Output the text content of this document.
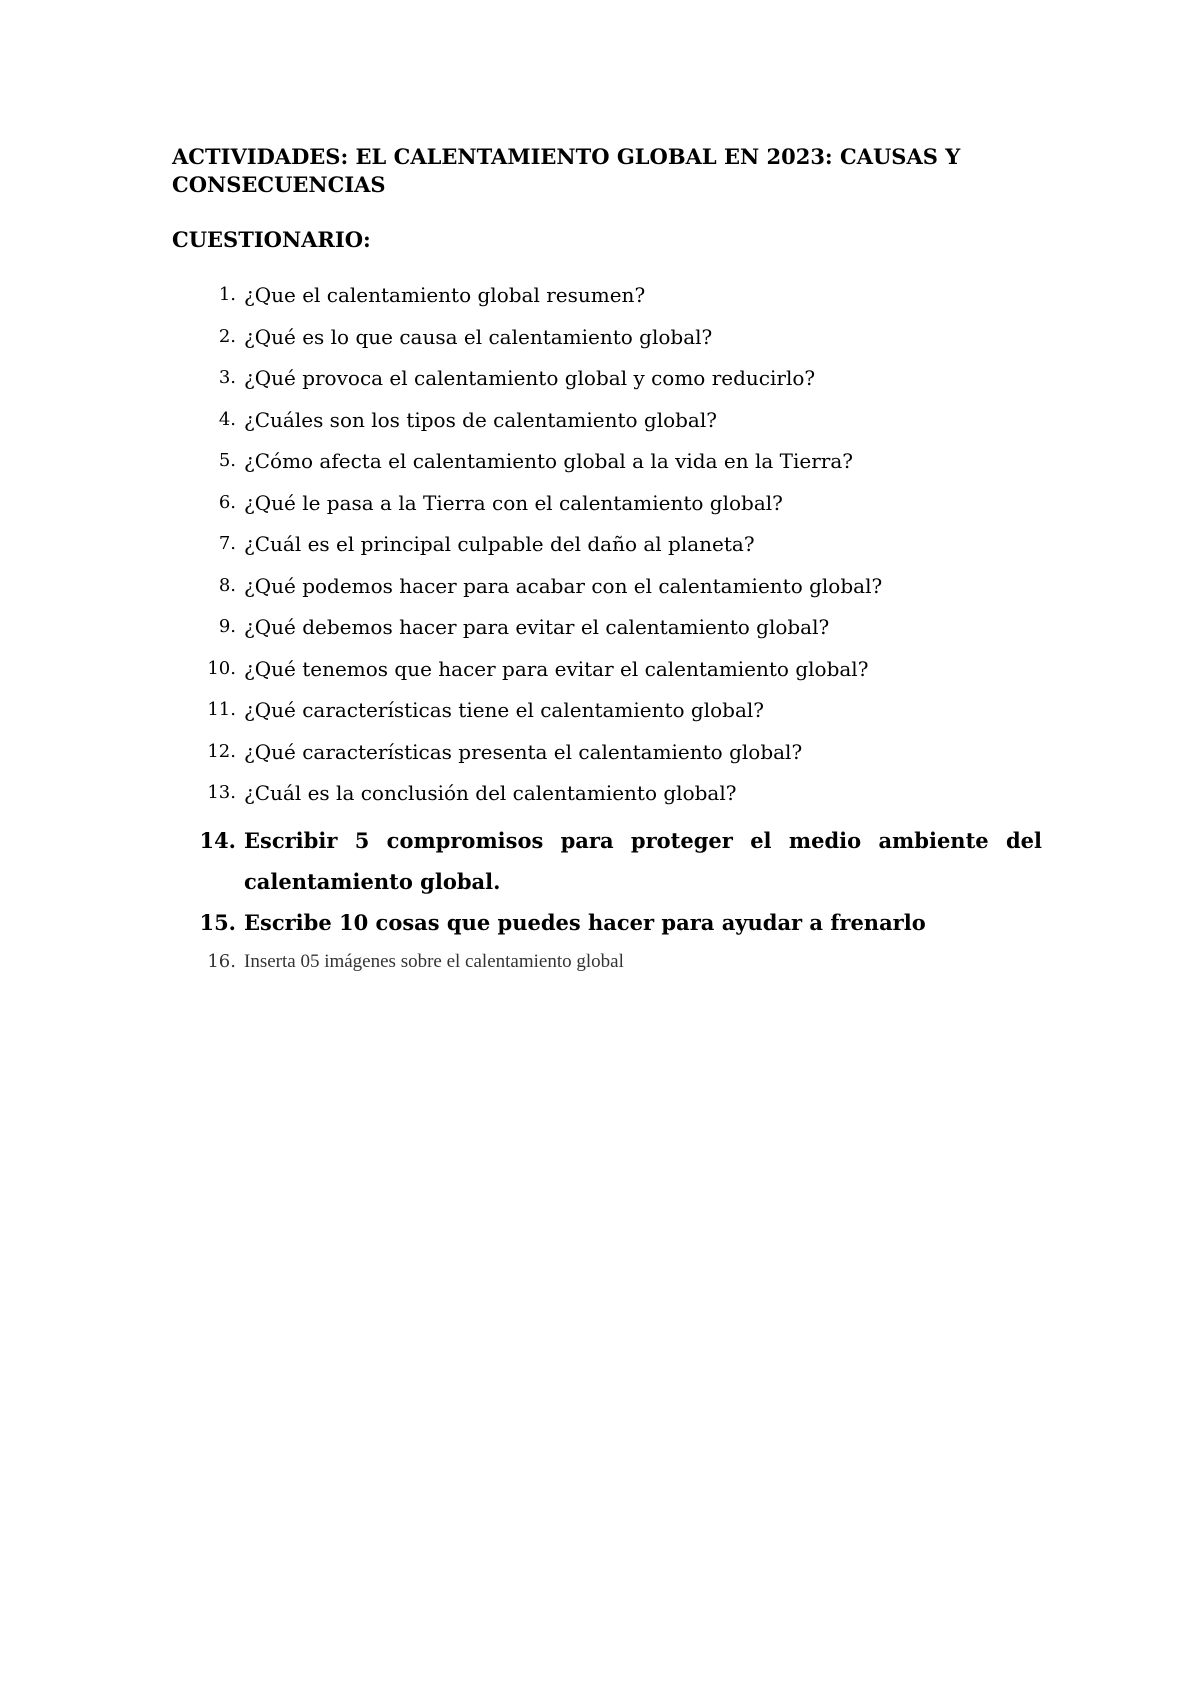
ACTIVIDADES: EL CALENTAMIENTO GLOBAL EN 2023: CAUSAS Y CONSECUENCIAS
CUESTIONARIO:
1. ¿Que el calentamiento global resumen?
2. ¿Qué es lo que causa el calentamiento global?
3. ¿Qué provoca el calentamiento global y como reducirlo?
4. ¿Cuáles son los tipos de calentamiento global?
5. ¿Cómo afecta el calentamiento global a la vida en la Tierra?
6. ¿Qué le pasa a la Tierra con el calentamiento global?
7. ¿Cuál es el principal culpable del daño al planeta?
8. ¿Qué podemos hacer para acabar con el calentamiento global?
9. ¿Qué debemos hacer para evitar el calentamiento global?
10. ¿Qué tenemos que hacer para evitar el calentamiento global?
11. ¿Qué características tiene el calentamiento global?
12. ¿Qué características presenta el calentamiento global?
13. ¿Cuál es la conclusión del calentamiento global?
14. Escribir 5 compromisos para proteger el medio ambiente del calentamiento global.
15. Escribe 10 cosas que puedes hacer para ayudar a frenarlo
16. Inserta 05 imágenes sobre el calentamiento global
